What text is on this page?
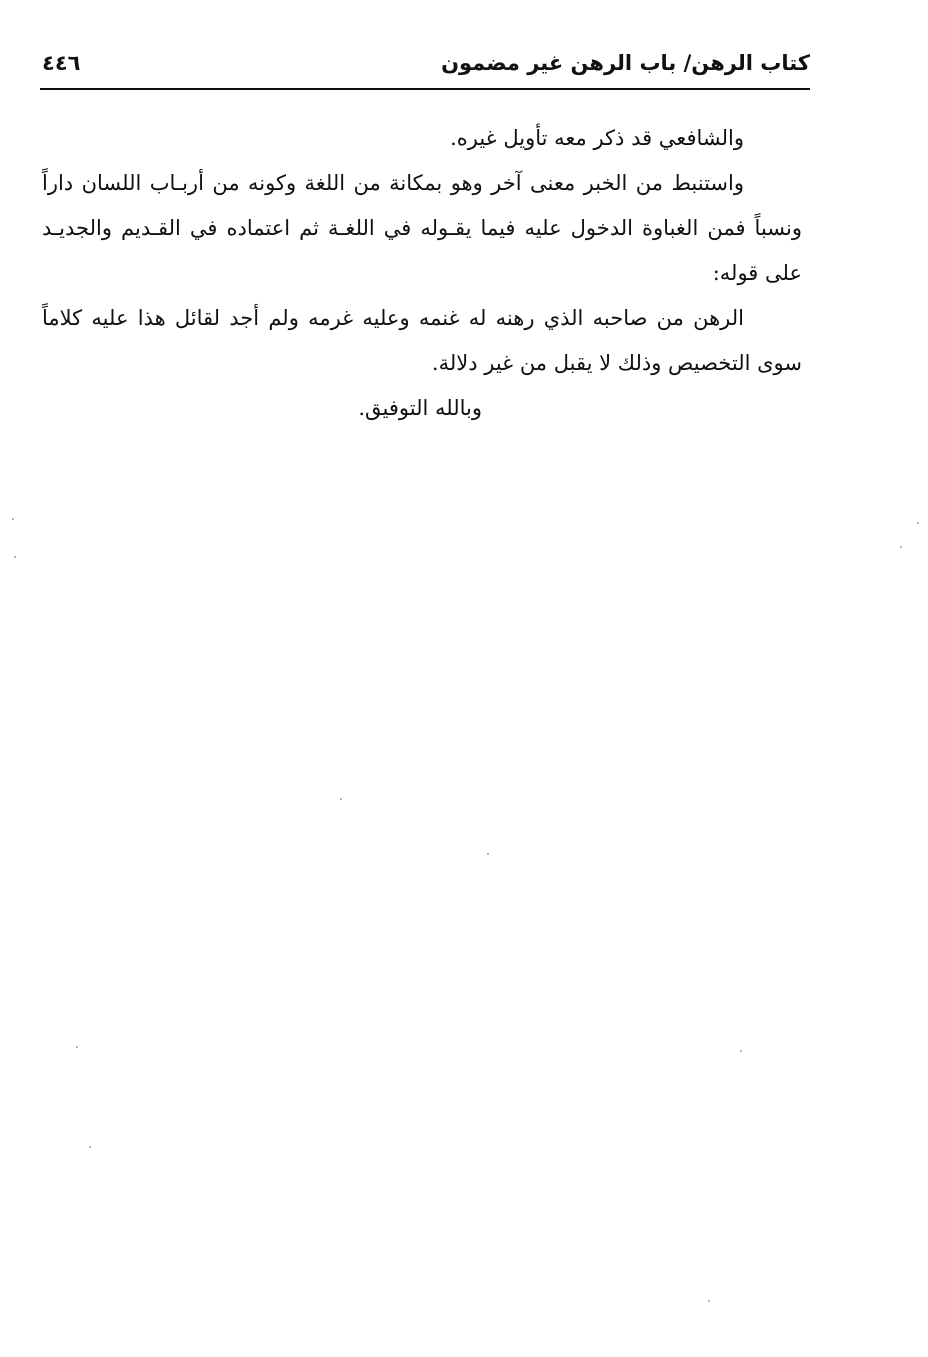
كتاب الرهن/ باب الرهن غير مضمون
٤٤٦

والشافعي قد ذكر معه تأويل غيره.

واستنبط من الخبر معنى آخر وهو بمكانة من اللغة وكونه من أربـاب اللسان داراً ونسباً فمن الغباوة الدخول عليه فيما يقـوله في اللغـة ثم اعتماده في القـديم والجديـد على قوله:

الرهن من صاحبه الذي رهنه له غنمه وعليه غرمه ولم أجد لقائل هذا عليه كلاماً سوى التخصيص وذلك لا يقبل من غير دلالة.

وبالله التوفيق.
